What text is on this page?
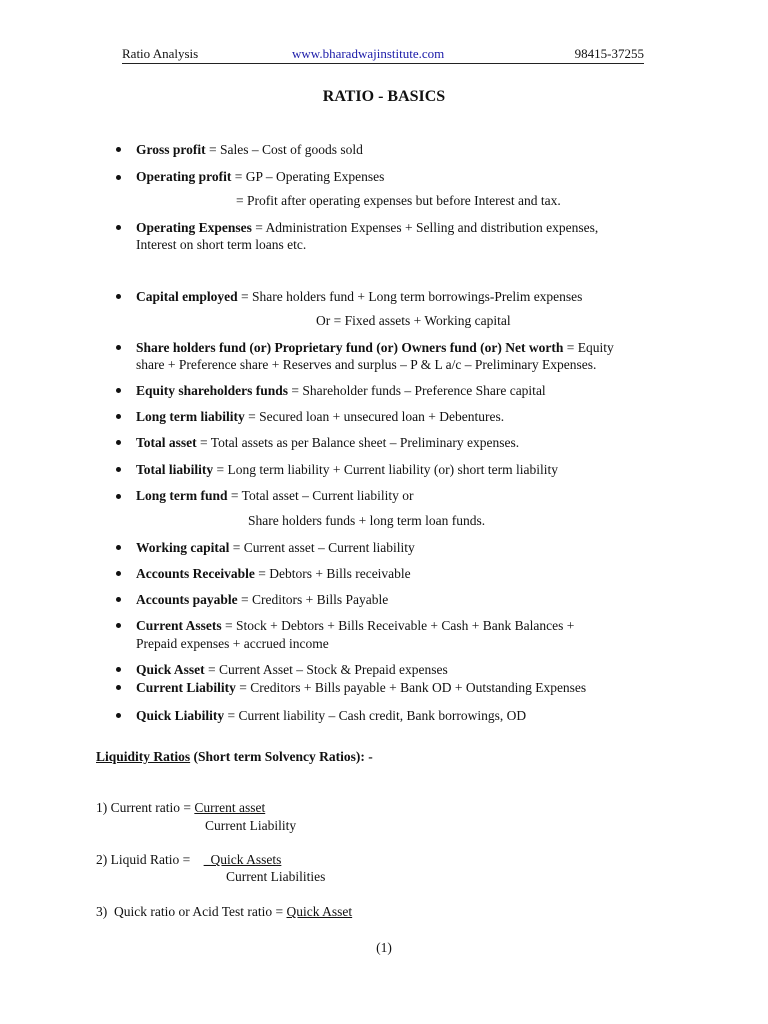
Ratio Analysis	www.bharadwajinstitute.com	98415-37255
RATIO - BASICS
Gross profit = Sales – Cost of goods sold
Operating profit = GP – Operating Expenses
= Profit after operating expenses but before Interest and tax.
Operating Expenses = Administration Expenses + Selling and distribution expenses,
Interest on short term loans etc.
Capital employed = Share holders fund + Long term borrowings-Prelim expenses
Or = Fixed assets + Working capital
Share holders fund (or) Proprietary fund (or) Owners fund (or) Net worth = Equity
share + Preference share + Reserves and surplus – P & L a/c – Preliminary Expenses.
Equity shareholders funds = Shareholder funds – Preference Share capital
Long term liability = Secured loan + unsecured loan + Debentures.
Total asset = Total assets as per Balance sheet – Preliminary expenses.
Total liability = Long term liability + Current liability (or) short term liability
Long term fund = Total asset – Current liability or
Share holders funds + long term loan funds.
Working capital = Current asset – Current liability
Accounts Receivable = Debtors + Bills receivable
Accounts payable = Creditors + Bills Payable
Current Assets = Stock + Debtors + Bills Receivable + Cash + Bank Balances +
Prepaid expenses + accrued income
Quick Asset = Current Asset – Stock & Prepaid expenses
Current Liability = Creditors + Bills payable + Bank OD + Outstanding Expenses
Quick Liability = Current liability – Cash credit, Bank borrowings, OD
Liquidity Ratios (Short term Solvency Ratios): -
1) Current ratio = Current asset
Current Liability
2) Liquid Ratio =    _Quick Assets
Current Liabilities
3)  Quick ratio or Acid Test ratio = Quick Asset
(1)
